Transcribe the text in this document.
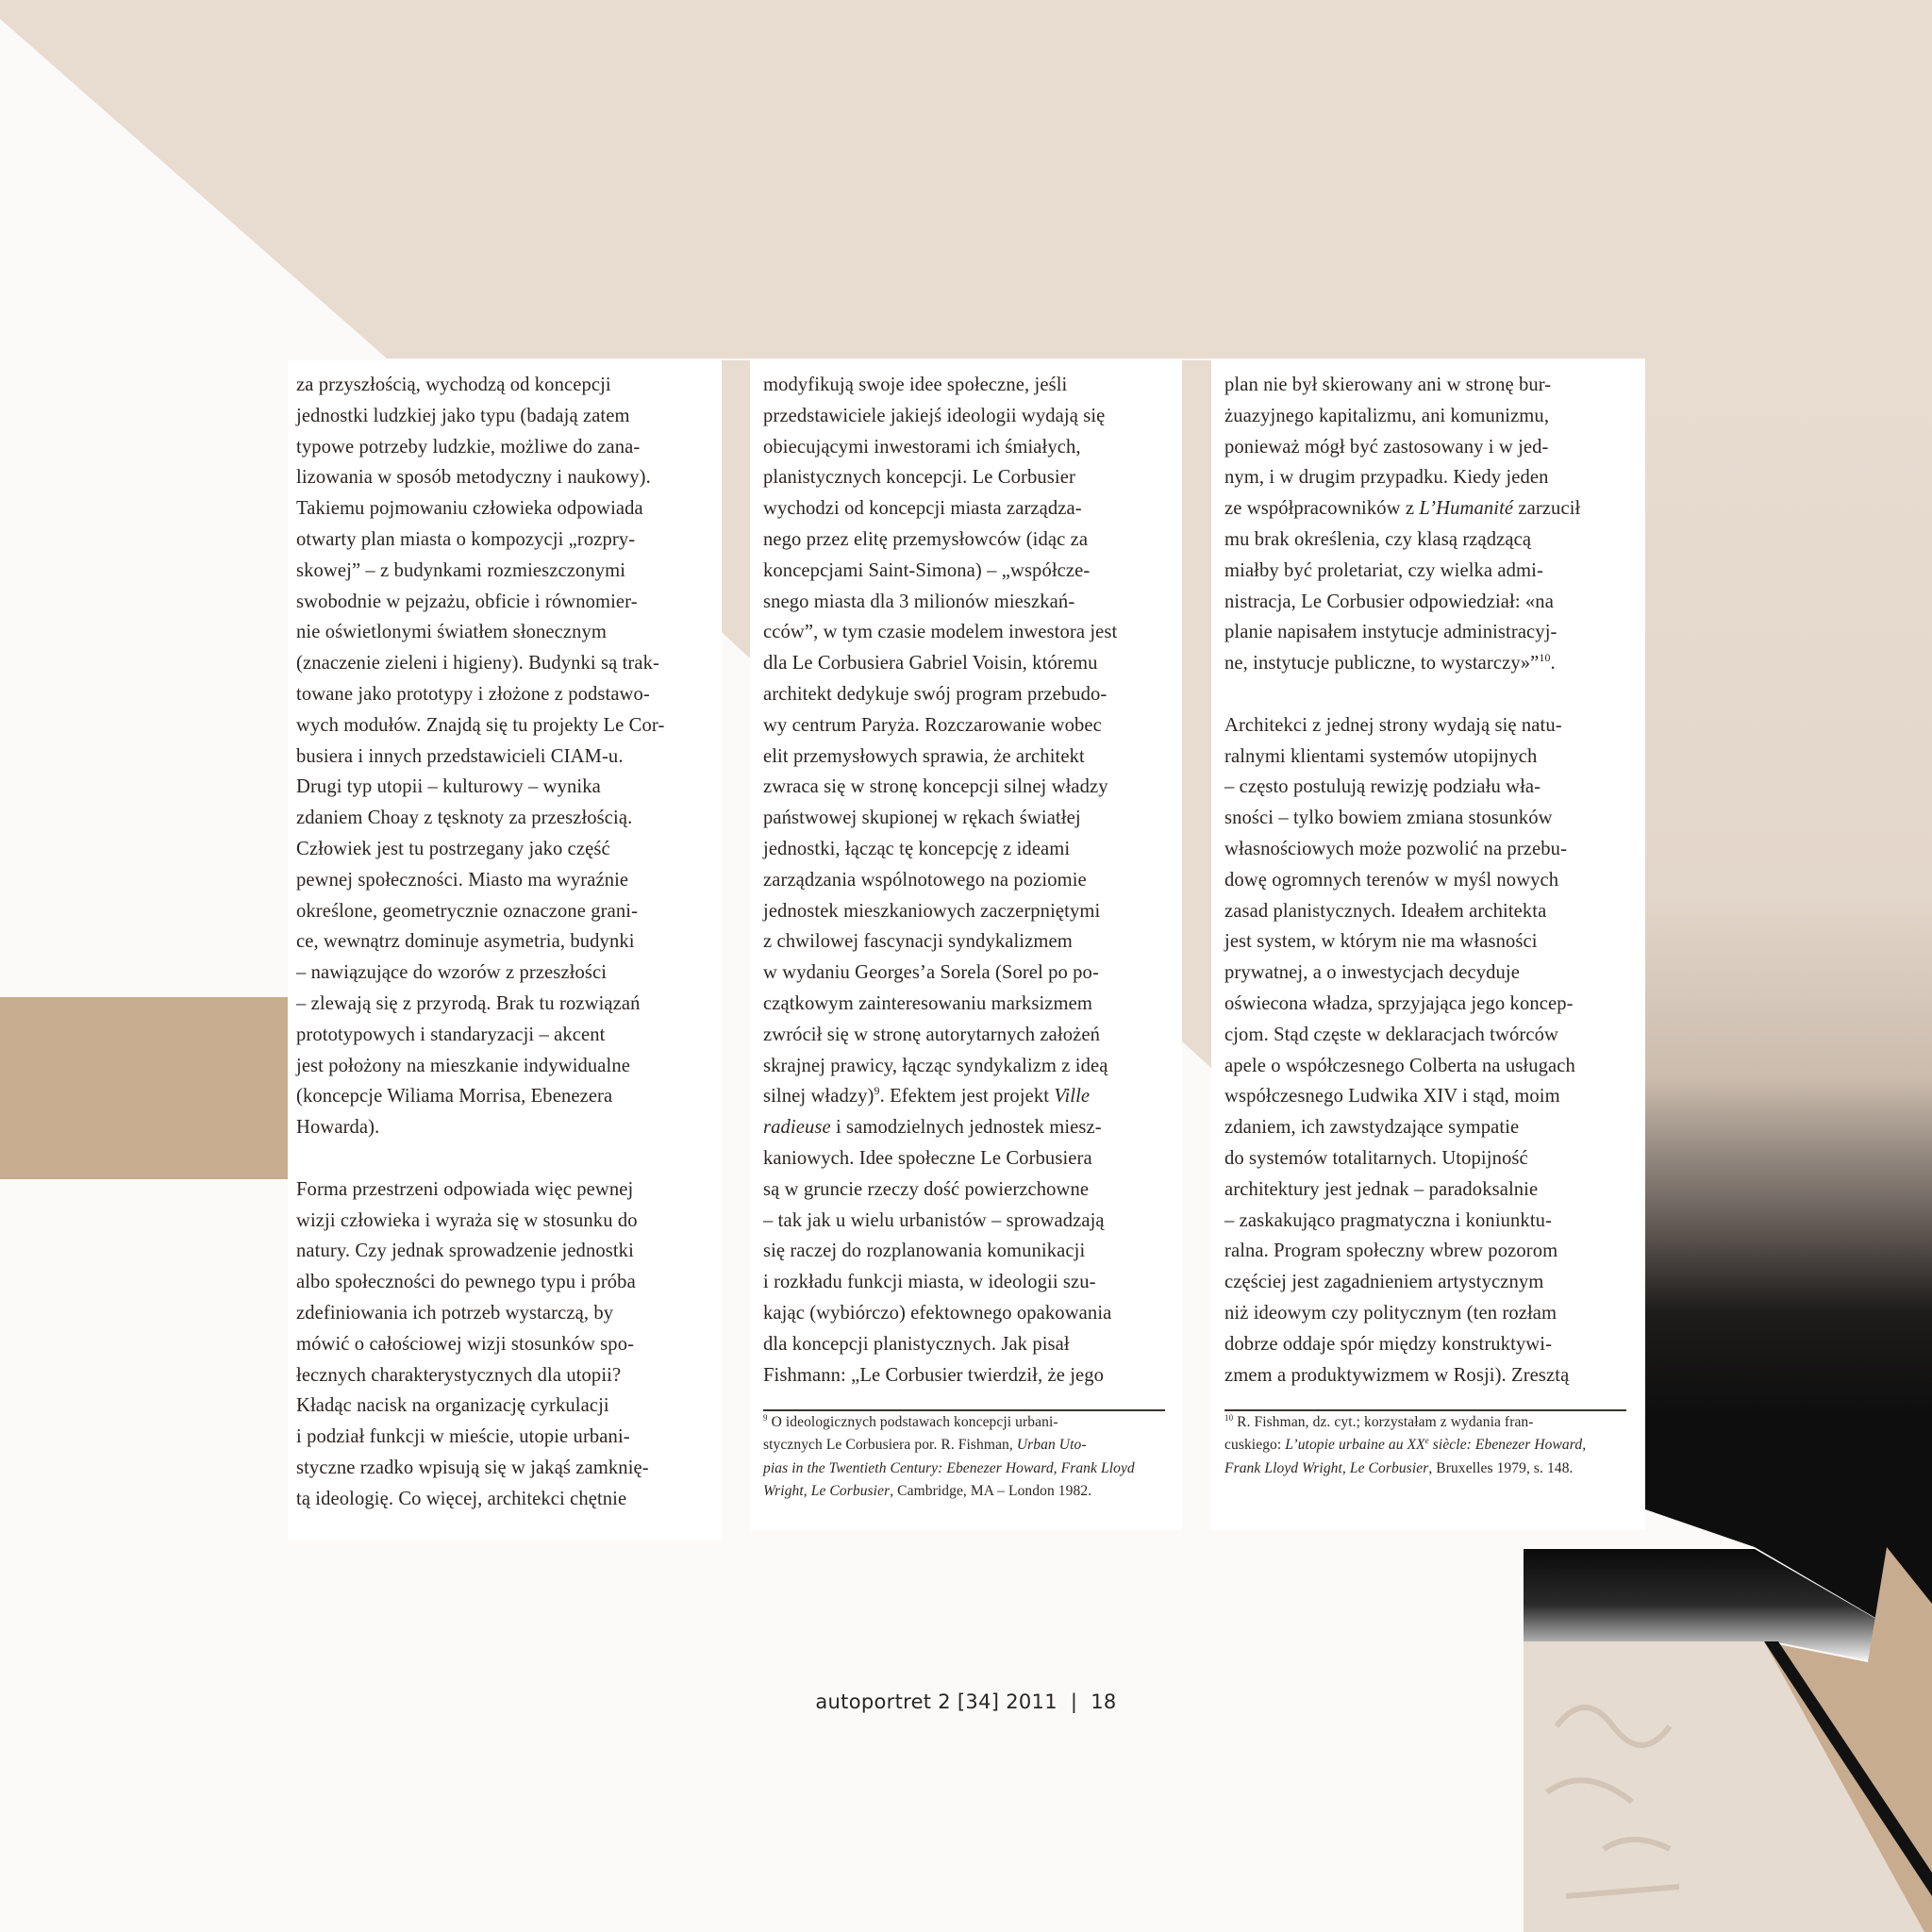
za przyszłością, wychodzą od koncepcji
jednostki ludzkiej jako typu (badają zatem
typowe potrzeby ludzkie, możliwe do zana-
lizowania w sposób metodyczny i naukowy).
Takiemu pojmowaniu człowieka odpowiada
otwarty plan miasta o kompozycji „rozpry-
skowej” – z budynkami rozmieszczonymi
swobodnie w pejzażu, obficie i równomier-
nie oświetlonymi światłem słonecznym
(znaczenie zieleni i higieny). Budynki są trak-
towane jako prototypy i złożone z podstawo-
wych modułów. Znajdą się tu projekty Le Cor-
busiera i innych przedstawicieli CIAM-u.
Drugi typ utopii – kulturowy – wynika
zdaniem Choay z tęsknoty za przeszłością.
Człowiek jest tu postrzegany jako część
pewnej społeczności. Miasto ma wyraźnie
określone, geometrycznie oznaczone grani-
ce, wewnątrz dominuje asymetria, budynki
– nawiązujące do wzorów z przeszłości
– zlewają się z przyrodą. Brak tu rozwiązań
prototypowych i standaryzacji – akcent
jest położony na mieszkanie indywidualne
(koncepcje Wiliama Morrisa, Ebenezera
Howarda).

Forma przestrzeni odpowiada więc pewnej
wizji człowieka i wyraża się w stosunku do
natury. Czy jednak sprowadzenie jednostki
albo społeczności do pewnego typu i próba
zdefiniowania ich potrzeb wystarczą, by
mówić o całościowej wizji stosunków spo-
łecznych charakterystycznych dla utopii?
Kładąc nacisk na organizację cyrkulacji
i podział funkcji w mieście, utopie urbani-
styczne rzadko wpisują się w jakąś zamknię-
tą ideologię. Co więcej, architekci chętnie

modyfikują swoje idee społeczne, jeśli
przedstawiciele jakiejś ideologii wydają się
obiecującymi inwestorami ich śmiałych,
planistycznych koncepcji. Le Corbusier
wychodzi od koncepcji miasta zarządza-
nego przez elitę przemysłowców (idąc za
koncepcjami Saint-Simona) – „współcze-
snego miasta dla 3 milionów mieszkań-
cców”, w tym czasie modelem inwestora jest
dla Le Corbusiera Gabriel Voisin, któremu
architekt dedykuje swój program przebudo-
wy centrum Paryża. Rozczarowanie wobec
elit przemysłowych sprawia, że architekt
zwraca się w stronę koncepcji silnej władzy
państwowej skupionej w rękach światłej
jednostki, łącząc tę koncepcję z ideami
zarządzania wspólnotowego na poziomie
jednostek mieszkaniowych zaczerpniętymi
z chwilowej fascynacji syndykalizmem
w wydaniu Georges’a Sorela (Sorel po po-
czątkowym zainteresowaniu marksizmem
zwrócił się w stronę autorytarnych założeń
skrajnej prawicy, łącząc syndykalizm z ideą
silnej władzy)$^9$. Efektem jest projekt Ville
radieuse i samodzielnych jednostek miesz-
kaniowych. Idee społeczne Le Corbusiera
są w gruncie rzeczy dość powierzchowne
– tak jak u wielu urbanistów – sprowadzają
się raczej do rozplanowania komunikacji
i rozkładu funkcji miasta, w ideologii szu-
kając (wybiórczo) efektownego opakowania
dla koncepcji planistycznych. Jak pisał
Fishmann: „Le Corbusier twierdził, że jego

$^9$ O ideologicznych podstawach koncepcji urbani-
stycznych Le Corbusiera por. R. Fishman, Urban Uto-
pias in the Twentieth Century: Ebenezer Howard, Frank Lloyd
Wright, Le Corbusier, Cambridge, MA – London 1982.

plan nie był skierowany ani w stronę bur-
żuazyjnego kapitalizmu, ani komunizmu,
ponieważ mógł być zastosowany i w jed-
nym, i w drugim przypadku. Kiedy jeden
ze współpracowników z L’Humanité zarzucił
mu brak określenia, czy klasą rządzącą
miałby być proletariat, czy wielka admi-
nistracja, Le Corbusier odpowiedział: «na
planie napisałem instytucje administracyj-
ne, instytucje publiczne, to wystarczy»”$^{10}$.

Architekci z jednej strony wydają się natu-
ralnymi klientami systemów utopijnych
– często postulują rewizję podziału wła-
sności – tylko bowiem zmiana stosunków
własnościowych może pozwolić na przebu-
dowę ogromnych terenów w myśl nowych
zasad planistycznych. Ideałem architekta
jest system, w którym nie ma własności
prywatnej, a o inwestycjach decyduje
oświecona władza, sprzyjająca jego koncep-
cjom. Stąd częste w deklaracjach twórców
apele o współczesnego Colberta na usługach
współczesnego Ludwika XIV i stąd, moim
zdaniem, ich zawstydzające sympatie
do systemów totalitarnych. Utopijność
architektury jest jednak – paradoksalnie
– zaskakująco pragmatyczna i koniunktu-
ralna. Program społeczny wbrew pozorom
częściej jest zagadnieniem artystycznym
niż ideowym czy politycznym (ten rozłam
dobrze oddaje spór między konstruktywi-
zmem a produktywizmem w Rosji). Zresztą

$^{10}$ R. Fishman, dz. cyt.; korzystałam z wydania fran-
cuskiego: L’utopie urbaine au XXe siècle: Ebenezer Howard,
Frank Lloyd Wright, Le Corbusier, Bruxelles 1979, s. 148.

autoportret 2 [34] 2011 | 18
